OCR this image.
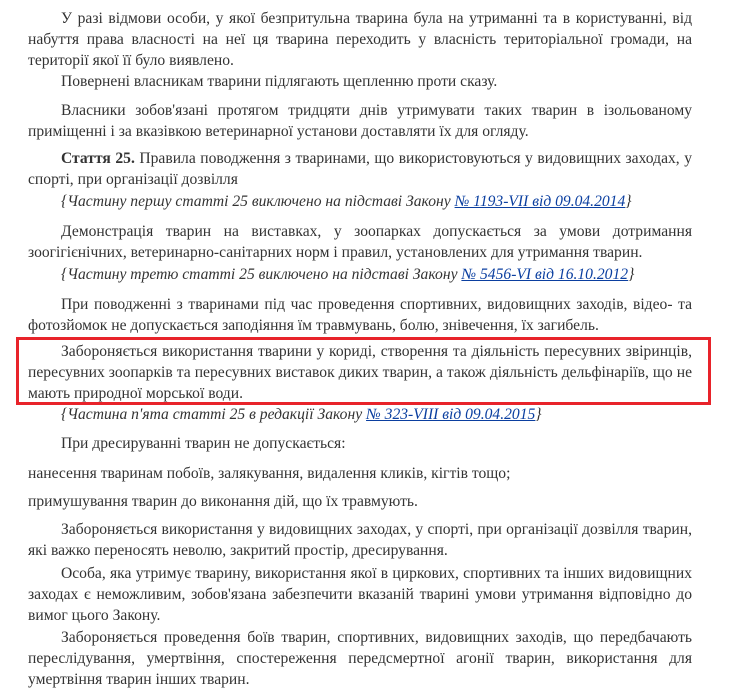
У разі відмови особи, у якої безпритульна тварина була на утриманні та в користуванні, від набуття права власності на неї ця тварина переходить у власність територіальної громади, на території якої її було виявлено.

Повернені власникам тварини підлягають щепленню проти сказу.

Власники зобов'язані протягом тридцяти днів утримувати таких тварин в ізольованому приміщенні і за вказівкою ветеринарної установи доставляти їх для огляду.

Стаття 25. Правила поводження з тваринами, що використовуються у видовищних заходах, у спорті, при організації дозвілля

{Частину першу статті 25 виключено на підставі Закону № 1193-VII від 09.04.2014}

Демонстрація тварин на виставках, у зоопарках допускається за умови дотримання зоогігієнічних, ветеринарно-санітарних норм і правил, установлених для утримання тварин.

{Частину третю статті 25 виключено на підставі Закону № 5456-VI від 16.10.2012}

При поводженні з тваринами під час проведення спортивних, видовищних заходів, відео- та фотозйомок не допускається заподіяння їм травмувань, болю, знівечення, їх загибель.

Забороняється використання тварини у кориді, створення та діяльність пересувних звіринців, пересувних зоопарків та пересувних виставок диких тварин, а також діяльність дельфінаріїв, що не мають природної морської води.

{Частина п'ята статті 25 в редакції Закону № 323-VIII від 09.04.2015}

При дресируванні тварин не допускається:

нанесення тваринам побоїв, залякування, видалення кликів, кігтів тощо;

примушування тварин до виконання дій, що їх травмують.

Забороняється використання у видовищних заходах, у спорті, при організації дозвілля тварин, які важко переносять неволю, закритий простір, дресирування.

Особа, яка утримує тварину, використання якої в циркових, спортивних та інших видовищних заходах є неможливим, зобов'язана забезпечити вказаній тварині умови утримання відповідно до вимог цього Закону.

Забороняється проведення боїв тварин, спортивних, видовищних заходів, що передбачають переслідування, умертвіння, спостереження передсмертної агонії тварин, використання для умертвіння тварин інших тварин.
